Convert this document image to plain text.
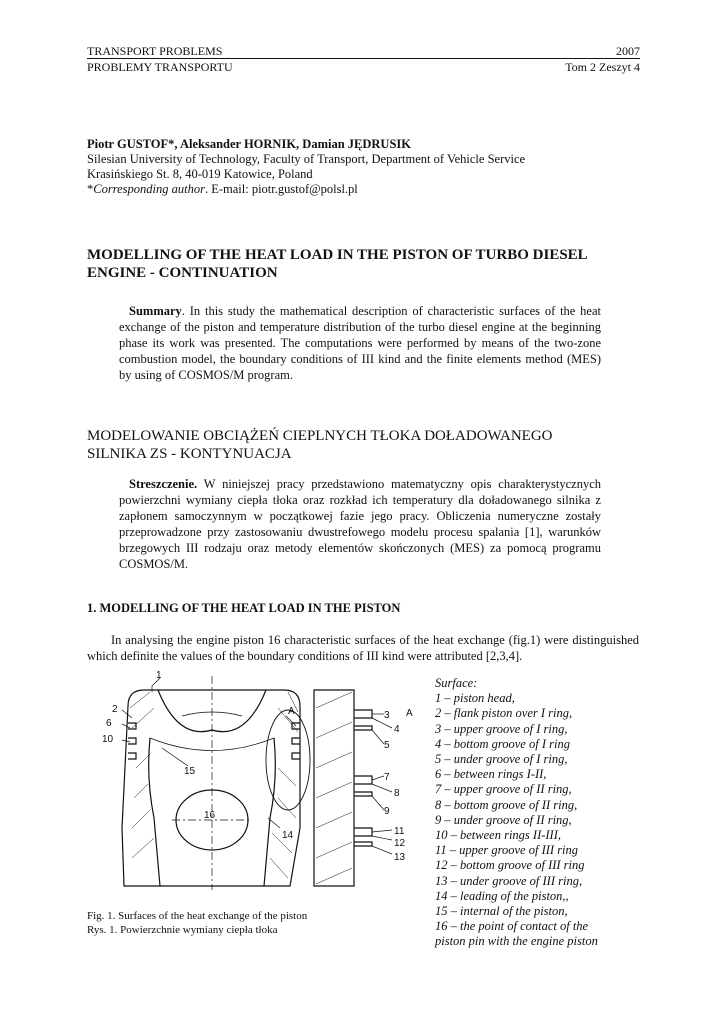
TRANSPORT PROBLEMS	2007
PROBLEMY TRANSPORTU	Tom 2 Zeszyt 4
Piotr GUSTOF*, Aleksander HORNIK, Damian JĘDRUSIK
Silesian University of Technology, Faculty of Transport, Department of Vehicle Service
Krasińskiego St. 8, 40-019 Katowice, Poland
*Corresponding author. E-mail: piotr.gustof@polsl.pl
MODELLING OF THE HEAT LOAD IN THE PISTON OF TURBO DIESEL
ENGINE - CONTINUATION
Summary. In this study the mathematical description of characteristic surfaces of the heat exchange of the piston and temperature distribution of the turbo diesel engine at the beginning phase its work was presented. The computations were performed by means of the two-zone combustion model, the boundary conditions of III kind and the finite elements method (MES) by using of COSMOS/M program.
MODELOWANIE OBCIĄŻEŃ CIEPLNYCH TŁOKA DOŁADOWANEGO
SILNIKA ZS - KONTYNUACJA
Streszczenie. W niniejszej pracy przedstawiono matematyczny opis charakterystycznych powierzchni wymiany ciepła tłoka oraz rozkład ich temperatury dla doładowanego silnika z zapłonem samoczynnym w początkowej fazie jego pracy. Obliczenia numeryczne zostały przeprowadzone przy zastosowaniu dwustrefowego modelu procesu spalania [1], warunków brzegowych III rodzaju oraz metody elementów skończonych (MES) za pomocą programu COSMOS/M.
1. MODELLING OF THE HEAT LOAD IN THE PISTON
In analysing the engine piston 16 characteristic surfaces of the heat exchange (fig.1) were distinguished which definite the values of the boundary conditions of III kind were attributed [2,3,4].
1
2
6
10
15
16
14
A	A
3
4
5
7
8
9
11
12
13
Fig. 1. Surfaces of the heat exchange of the piston
Rys. 1. Powierzchnie wymiany ciepła tłoka
Surface:
1 – piston head,
2 – flank piston over I ring,
3 – upper groove of I ring,
4 – bottom groove of I ring
5 – under groove of I ring,
6 – between rings I-II,
7 – upper groove of II ring,
8 – bottom groove of II ring,
9 – under groove of II ring,
10 – between rings II-III,
11 – upper groove of III ring
12 – bottom groove of III ring
13 – under groove of III ring,
14 – leading of the piston,,
15 – internal of the piston,
16 – the point of contact of the
piston pin with the engine piston
